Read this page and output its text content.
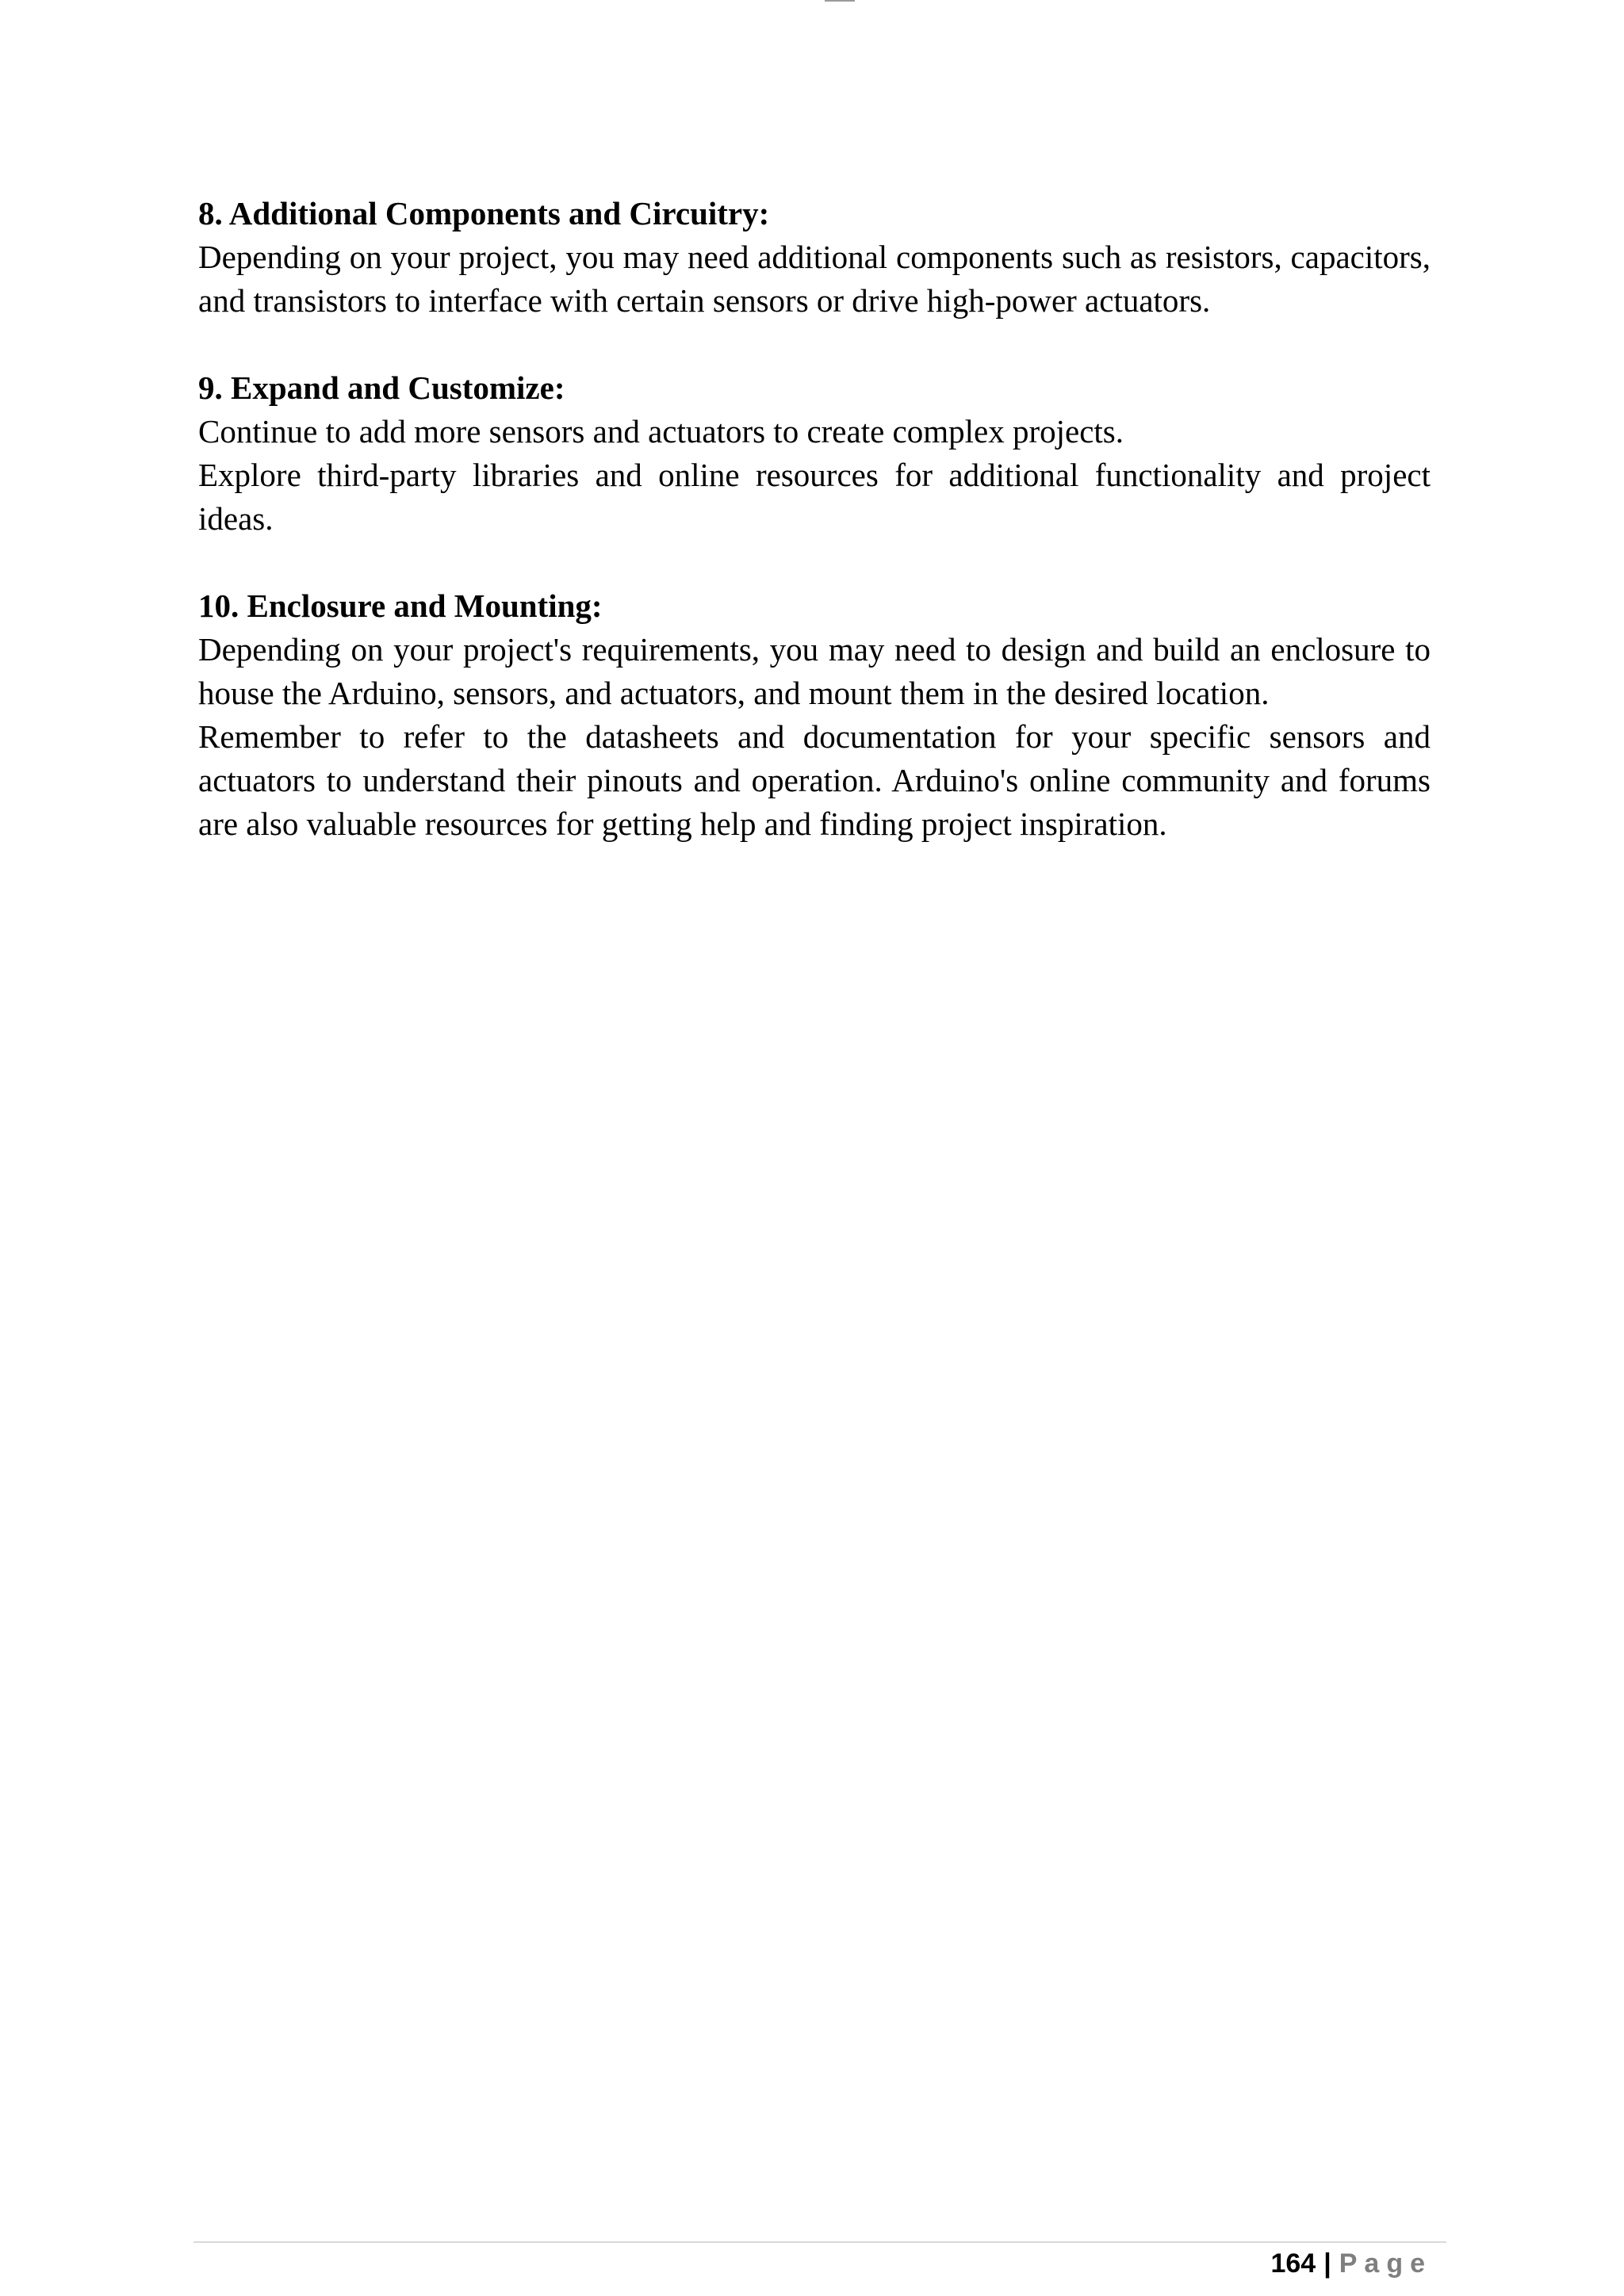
8. Additional Components and Circuitry:

Depending on your project, you may need additional components such as resistors, capacitors, and transistors to interface with certain sensors or drive high-power actuators.

9. Expand and Customize:

Continue to add more sensors and actuators to create complex projects.

Explore third-party libraries and online resources for additional functionality and project ideas.

10. Enclosure and Mounting:

Depending on your project's requirements, you may need to design and build an enclosure to house the Arduino, sensors, and actuators, and mount them in the desired location.

Remember to refer to the datasheets and documentation for your specific sensors and actuators to understand their pinouts and operation. Arduino's online community and forums are also valuable resources for getting help and finding project inspiration.

164 | Page
